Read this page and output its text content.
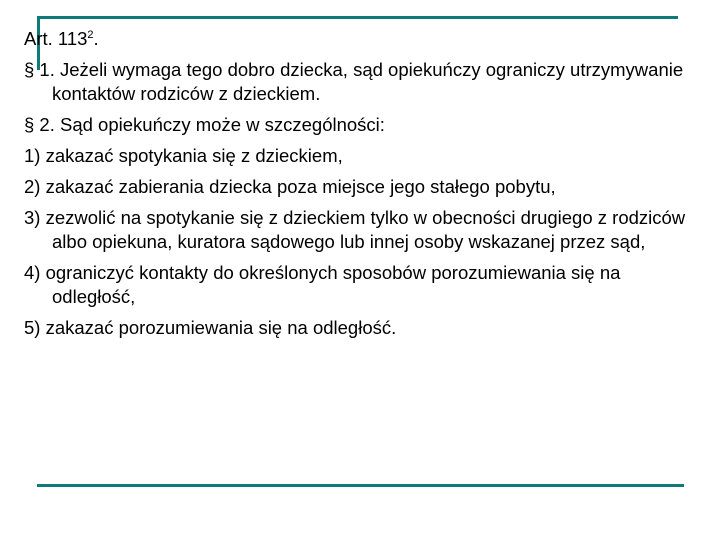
Art. $113^2$.
§ 1. Jeżeli wymaga tego dobro dziecka, sąd opiekuńczy ograniczy utrzymywanie kontaktów rodziców z dzieckiem.
§ 2. Sąd opiekuńczy może w szczególności:
1) zakazać spotykania się z dzieckiem,
2) zakazać zabierania dziecka poza miejsce jego stałego pobytu,
3) zezwolić na spotykanie się z dzieckiem tylko w obecności drugiego z rodziców albo opiekuna, kuratora sądowego lub innej osoby wskazanej przez sąd,
4) ograniczyć kontakty do określonych sposobów porozumiewania się na odległość,
5) zakazać porozumiewania się na odległość.
